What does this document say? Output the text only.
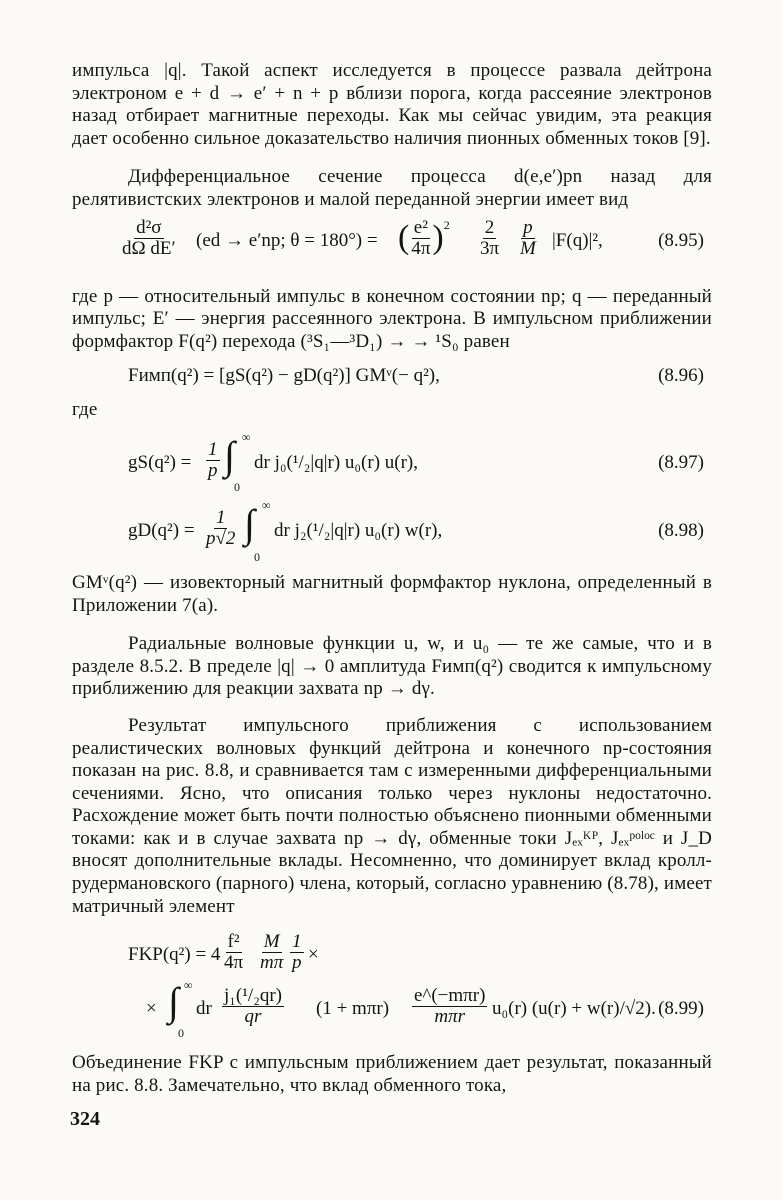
импульса |q|. Такой аспект исследуется в процессе развала дейтрона электроном e + d → e′ + n + p вблизи порога, когда рассеяние электронов назад отбирает магнитные переходы. Как мы сейчас увидим, эта реакция дает особенно сильное доказательство наличия пионных обменных токов [9].

Дифференциальное сечение процесса d(e,e′)pn назад для релятивистских электронов и малой переданной энергии имеет вид

$\frac{\text{d²σ}}{\text{dΩ dE′}} (ed \to e'np$; θ = 180°) = ( $\frac{\text{e²}}{4\pi} )^2 \frac{2}{3\pi} \frac{p}{M} |F(q)|^2$,	(8.95)

где p — относительный импульс в конечном состоянии np; q — переданный импульс; E′ — энергия рассеянного электрона. В импульсном приближении формфактор F(q²) перехода (³S₁—³D₁) → → ¹S₀ равен

Fимп(q²) = [gS(q²) − gD(q²)] GMᵛ(− q²),	(8.96)

где

$gS(q^2) = \frac{1}{p}$ ∫ ∞
0
dr j₀(¹/₂|q|r) u₀(r) u(r),	(8.97)
$gD(q^2) = \frac{1}{p√2}$ ∫ ∞
0
dr j₂(¹/₂|q|r) u₀(r) w(r),	(8.98)

GMᵛ(q²) — изовекторный магнитный формфактор нуклона, определенный в Приложении 7(а).

Радиальные волновые функции u, w, и u₀ — те же самые, что и в разделе 8.5.2. В пределе |q| → 0 амплитуда Fимп(q²) сводится к импульсному приближению для реакции захвата np → dγ.

Результат импульсного приближения с использованием реалистических волновых функций дейтрона и конечного np-состояния показан на рис. 8.8, и сравнивается там с измеренными дифференциальными сечениями. Ясно, что описания только через нуклоны недостаточно. Расхождение может быть почти полностью объяснено пионными обменными токами: как и в случае захвата np → dγ, обменные токи Jₑₓᴷᴾ, Jₑₓᵖᵒˡᵒᶜ и J_D вносят дополнительные вклады. Несомненно, что доминирует вклад кролл-рудермановского (парного) члена, который, согласно уравнению (8.78), имеет матричный элемент

$FKP(q^2) = 4 \frac{\text{f²}}{4\pi} \frac{M}{m\pi} \frac{1}{p}$ ×
× ∫ ∞
0
dr $\frac{\text{j₁(¹/₂qr)}}{qr} (1 + m\pi r)$
e^(−mπr)
mπr u₀(r) (u(r) + w(r)/√2). (8.99)

Объединение FKP с импульсным приближением дает результат, показанный на рис. 8.8. Замечательно, что вклад обменного тока,

324
